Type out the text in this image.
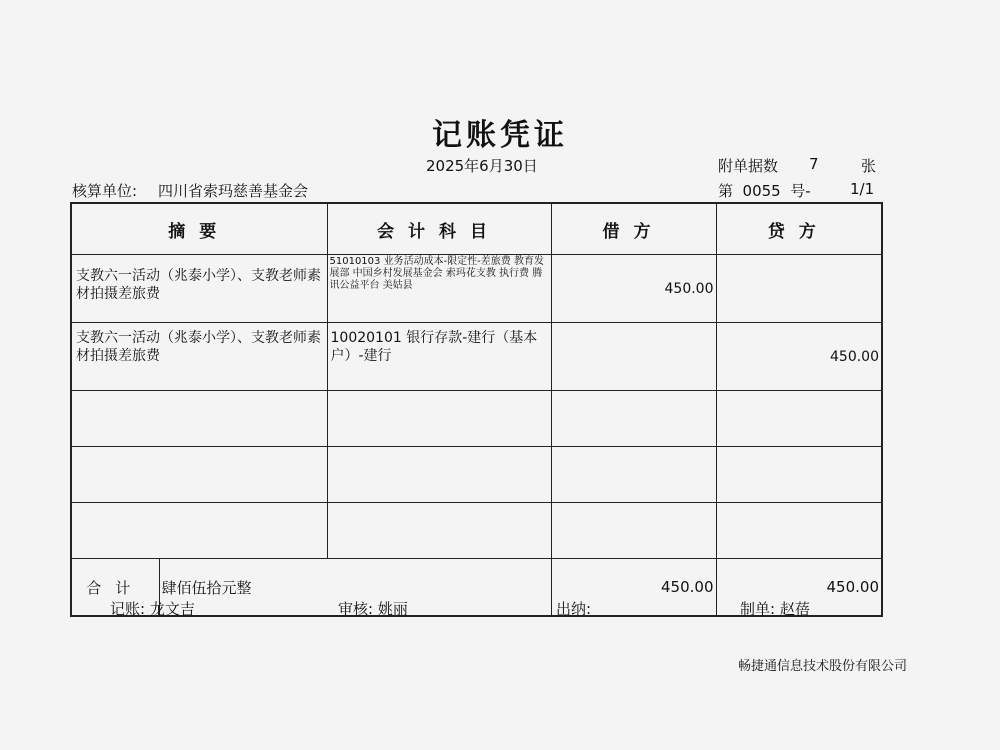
记账凭证
2025年6月30日	附单据数 7	张
核算单位: 四川省索玛慈善基金会	第  0055  号-	1/1
摘要		会计科目	借方	贷方
支教六一活动（兆泰小学）、支教老师素材拍摄差旅费		51010103 业务活动成本-限定性-差旅费 教育发展部 中国乡村发展基金会 索玛花支教 执行费 腾讯公益平台 美姑县	450.00	
支教六一活动（兆泰小学）、支教老师素材拍摄差旅费		10020101 银行存款-建行（基本户）-建行		450.00

合计	肆佰伍拾元整		450.00	450.00
记账: 龙文吉	审核: 姚丽	出纳:	制单: 赵蓓
畅捷通信息技术股份有限公司
